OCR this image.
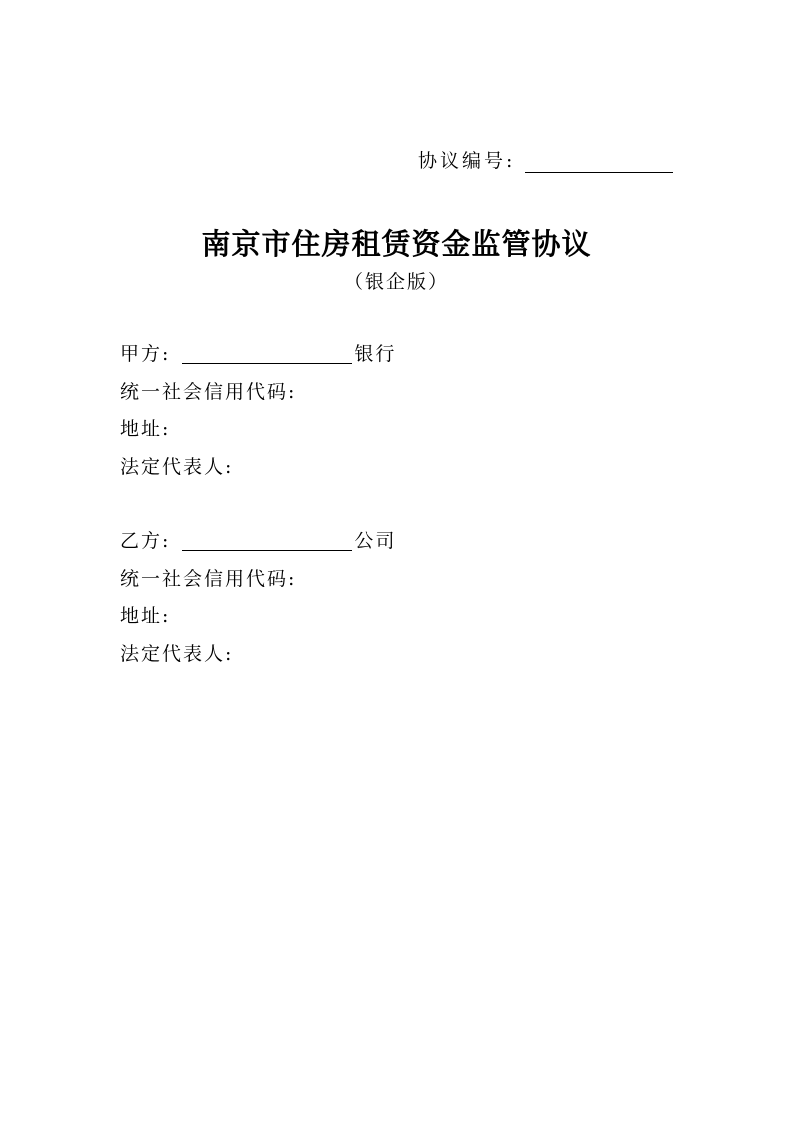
协议编号:
南京市住房租赁资金监管协议
（银企版）
甲方:	银行
统一社会信用代码:
地址:
法定代表人:
乙方:	公司
统一社会信用代码:
地址:
法定代表人:
